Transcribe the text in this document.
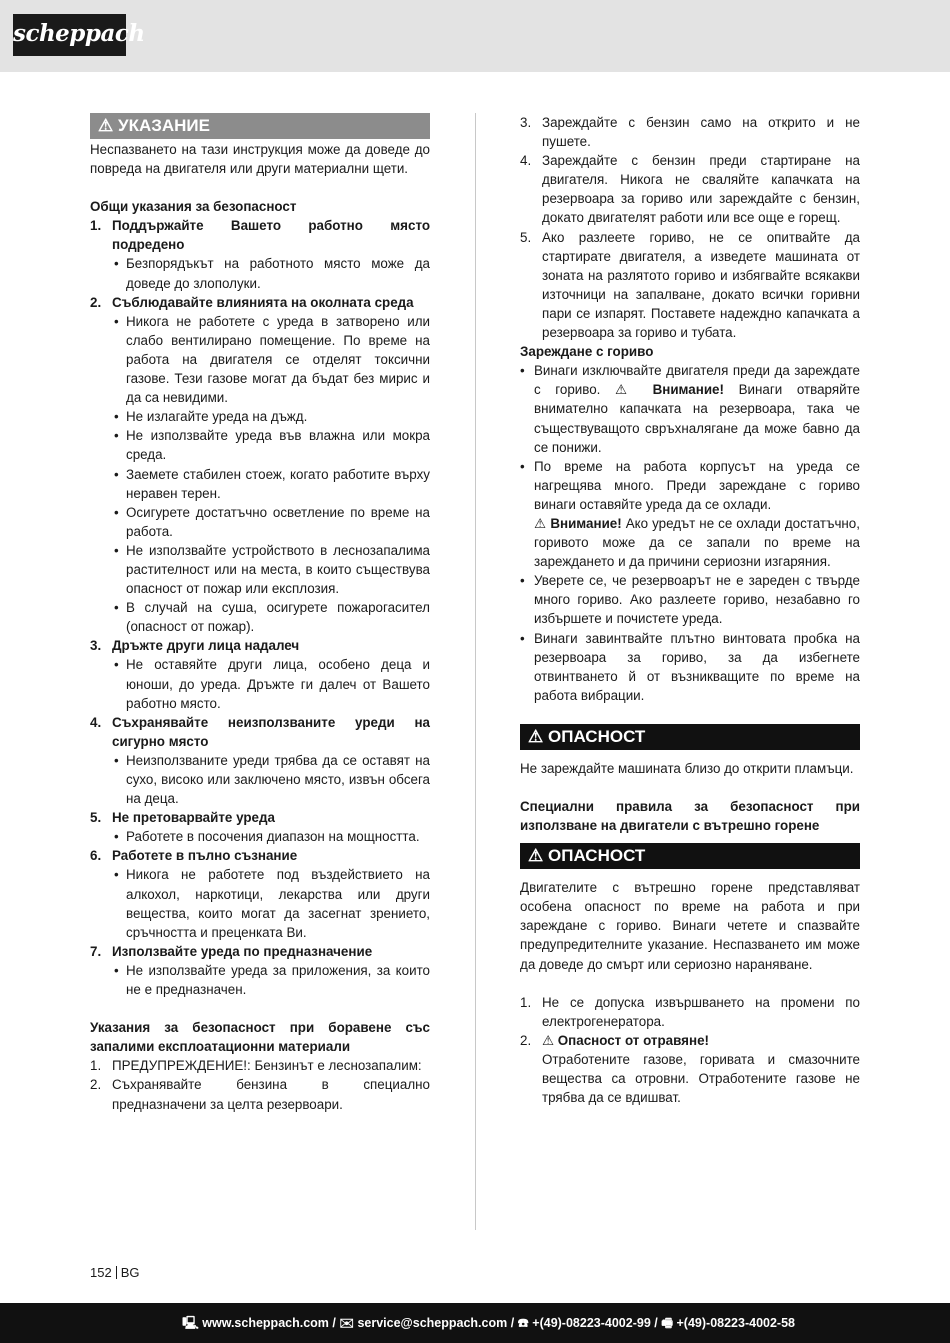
scheppach
⚠ УКАЗАНИЕ

Неспазването на тази инструкция може да доведе до повреда на двигателя или други материални щети.

Общи указания за безопасност

1. Поддържайте Вашето работно място подредено
• Безпорядъкът на работното място може да доведе до злополуки.
2. Съблюдавайте влиянията на околната среда
• Никога не работете с уреда в затворено или слабо вентилирано помещение. По време на работа на двигателя се отделят токсични газове. Тези газове могат да бъдат без мирис и да са невидими.
• Не излагайте уреда на дъжд.
• Не използвайте уреда във влажна или мокра среда.
• Заемете стабилен стоеж, когато работите върху неравен терен.
• Осигурете достатъчно осветление по време на работа.
• Не използвайте устройството в леснозапалима растителност или на места, в които съществува опасност от пожар или експлозия.
• В случай на суша, осигурете пожарогасител (опасност от пожар).
3. Дръжте други лица надалеч
• Не оставяйте други лица, особено деца и юноши, до уреда. Дръжте ги далеч от Вашето работно място.
4. Съхранявайте неизползваните уреди на сигурно място
• Неизползваните уреди трябва да се оставят на сухо, високо или заключено място, извън обсега на деца.
5. Не претоварвайте уреда
• Работете в посочения диапазон на мощността.
6. Работете в пълно съзнание
• Никога не работете под въздействието на алкохол, наркотици, лекарства или други вещества, които могат да засегнат зрението, сръчността и преценката Ви.
7. Използвайте уреда по предназначение
• Не използвайте уреда за приложения, за които не е предназначен.

Указания за безопасност при боравене със запалими експлоатационни материали

1. ПРЕДУПРЕЖДЕНИЕ!: Бензинът е леснозапалим:
2. Съхранявайте бензина в специално предназначени за целта резервоари.
3. Зареждайте с бензин само на открито и не пушете.
4. Зареждайте с бензин преди стартиране на двигателя. Никога не сваляйте капачката на резервоара за гориво или зареждайте с бензин, докато двигателят работи или все още е горещ.
5. Ако разлеете гориво, не се опитвайте да стартирате двигателя, а изведете машината от зоната на разлятото гориво и избягвайте всякакви източници на запалване, докато всички горивни пари се изпарят. Поставете надеждно капачката а резервоара за гориво и тубата.

Зареждане с гориво

• Винаги изключвайте двигателя преди да зареждате с гориво. ⚠ Внимание! Винаги отваряйте внимателно капачката на резервоара, така че съществуващото свръхналягане да може бавно да се понижи.
• По време на работа корпусът на уреда се нагрещява много. Преди зареждане с гориво винаги оставяйте уреда да се охлади.
⚠ Внимание! Ако уредът не се охлади достатъчно, горивото може да се запали по време на зареждането и да причини сериозни изгаряния.
• Уверете се, че резервоарът не е зареден с твърде много гориво. Ако разлеете гориво, незабавно го избършете и почистете уреда.
• Винаги завинтвайте плътно винтовата пробка на резервоара за гориво, за да избегнете отвинтването й от възникващите по време на работа вибрации.
⚠ ОПАСНОСТ

Не зареждайте машината близо до открити пламъци.

Специални правила за безопасност при използване на двигатели с вътрешно горене

⚠ ОПАСНОСТ

Двигателите с вътрешно горене представляват особена опасност по време на работа и при зареждане с гориво. Винаги четете и спазвайте предупредителните указание. Неспазването им може да доведе до смърт или сериозно нараняване.

1. Не се допуска извършването на промени по електрогенератора.
2. ⚠ Опасност от отравяне!
Отработените газове, горивата и смазочните вещества са отровни. Отработените газове не трябва да се вдишват.
152 BG
🖳 www.scheppach.com / ✉ service@scheppach.com / ☎ +(49)-08223-4002-99 / 🖷 +(49)-08223-4002-58
